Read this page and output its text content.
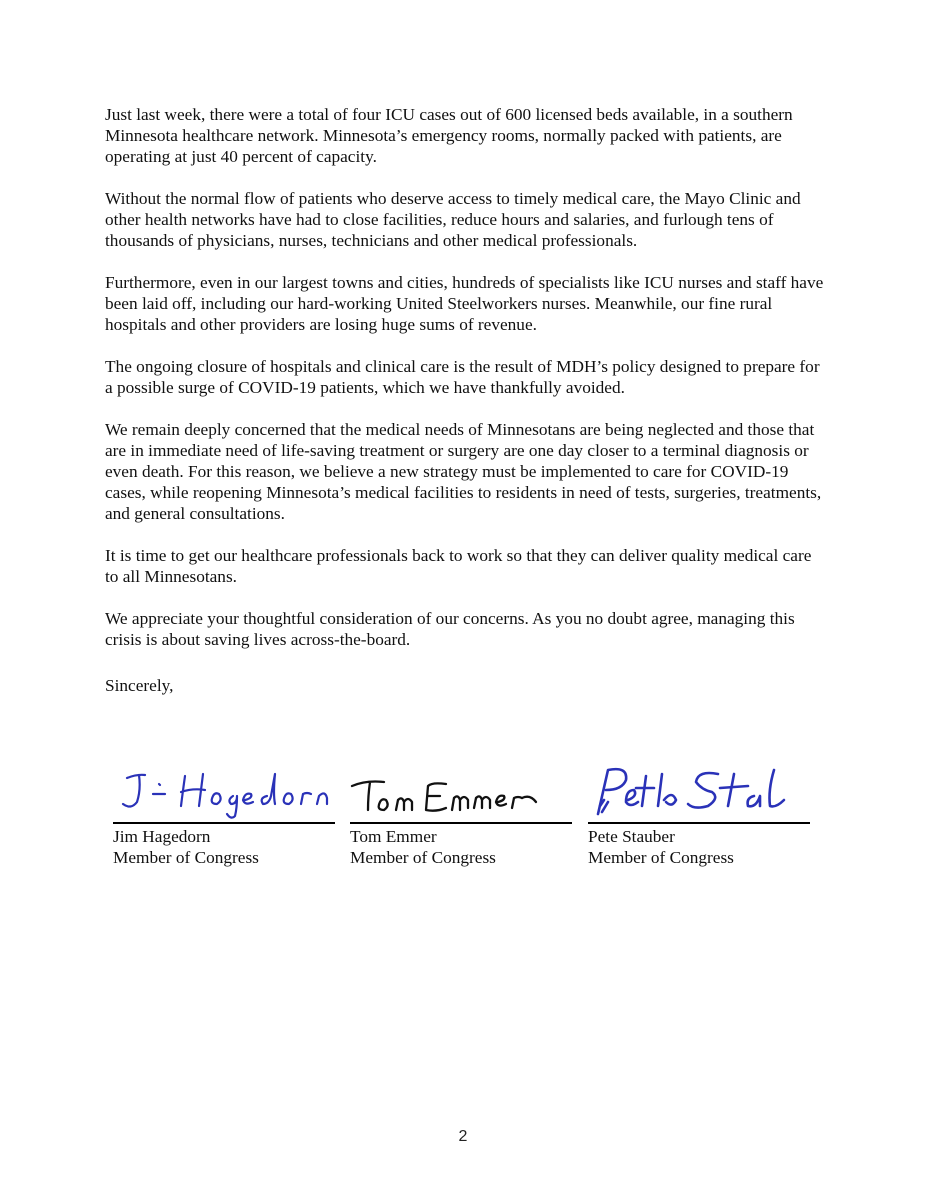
Just last week, there were a total of four ICU cases out of 600 licensed beds available, in a southern Minnesota healthcare network. Minnesota’s emergency rooms, normally packed with patients, are operating at just 40 percent of capacity.

Without the normal flow of patients who deserve access to timely medical care, the Mayo Clinic and other health networks have had to close facilities, reduce hours and salaries, and furlough tens of thousands of physicians, nurses, technicians and other medical professionals.

Furthermore, even in our largest towns and cities, hundreds of specialists like ICU nurses and staff have been laid off, including our hard-working United Steelworkers nurses. Meanwhile, our fine rural hospitals and other providers are losing huge sums of revenue.

The ongoing closure of hospitals and clinical care is the result of MDH’s policy designed to prepare for a possible surge of COVID-19 patients, which we have thankfully avoided.

We remain deeply concerned that the medical needs of Minnesotans are being neglected and those that are in immediate need of life-saving treatment or surgery are one day closer to a terminal diagnosis or even death. For this reason, we believe a new strategy must be implemented to care for COVID-19 cases, while reopening Minnesota’s medical facilities to residents in need of tests, surgeries, treatments, and general consultations.

It is time to get our healthcare professionals back to work so that they can deliver quality medical care to all Minnesotans.

We appreciate your thoughtful consideration of our concerns. As you no doubt agree, managing this crisis is about saving lives across-the-board.

Sincerely,

Jim Hagedorn
Member of Congress
Tom Emmer
Member of Congress
Pete Stauber
Member of Congress
2
